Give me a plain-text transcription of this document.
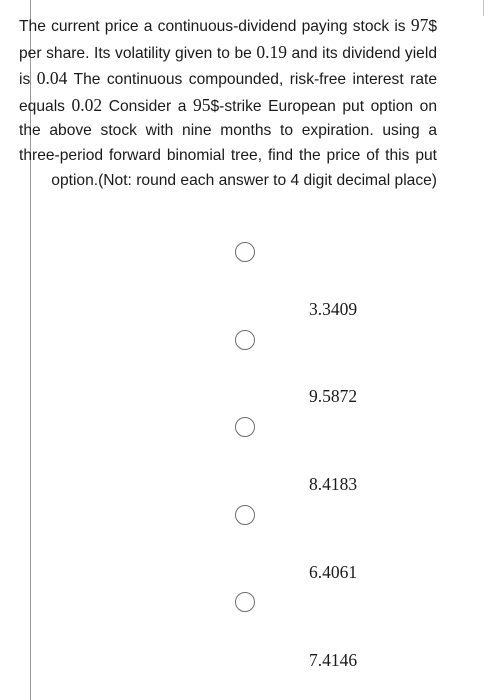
The current price a continuous-dividend paying stock is 97$ per share. Its volatility given to be 0.19 and its dividend yield is 0.04 The continuous compounded, risk-free interest rate equals 0.02 Consider a 95$-strike European put option on the above stock with nine months to expiration. using a three-period forward binomial tree, find the price of this put option.(Not: round each answer to 4 digit decimal place)

3.3409
9.5872
8.4183
6.4061
7.4146
